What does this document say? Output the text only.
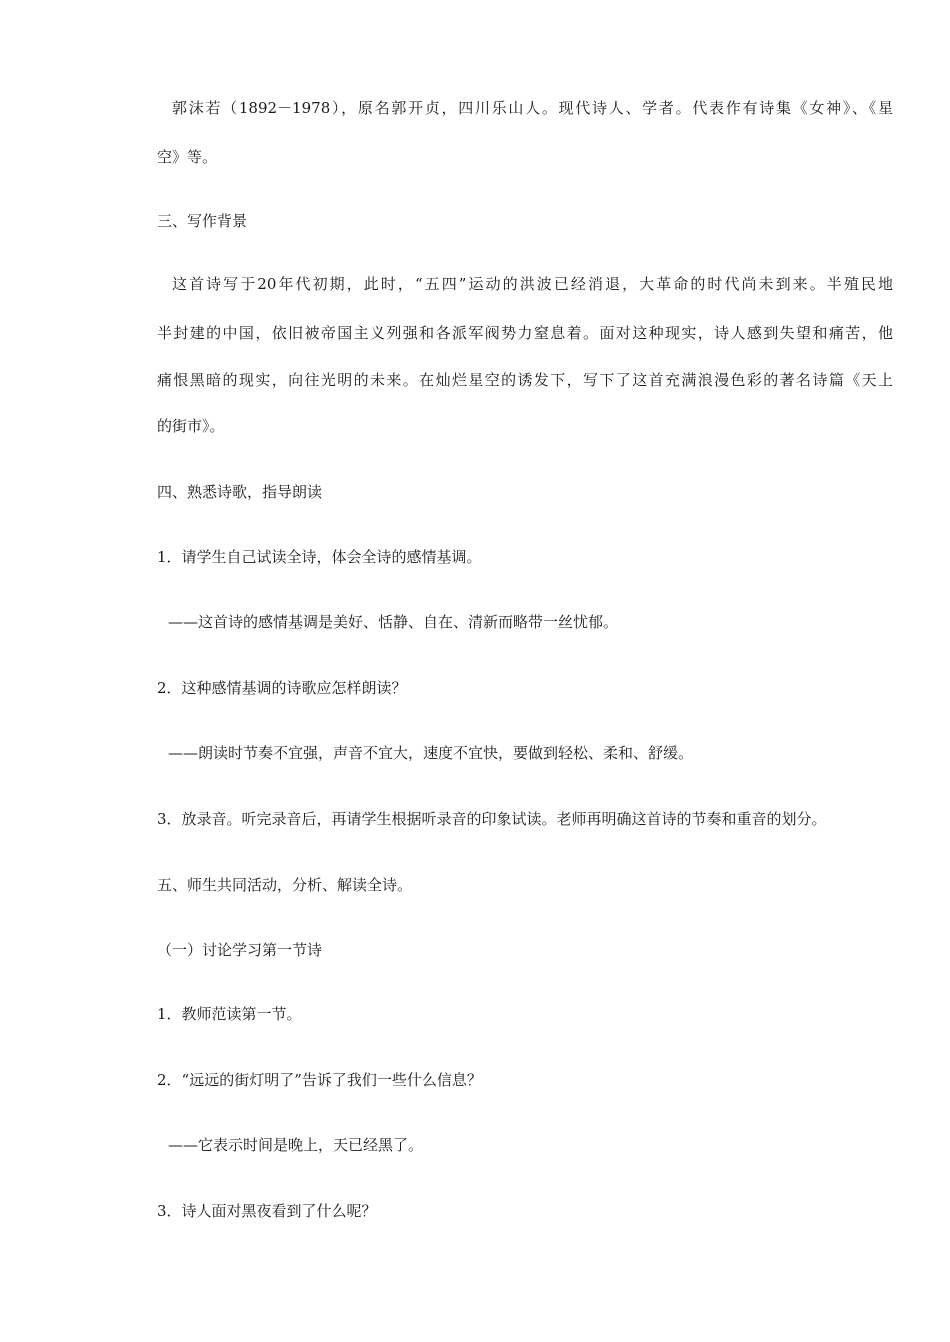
郭沫若（1892－1978），原名郭开贞，四川乐山人。现代诗人、学者。代表作有诗集《女神》、《星
空》等。
三、写作背景
这首诗写于20年代初期，此时，“五四”运动的洪波已经消退，大革命的时代尚未到来。半殖民地
半封建的中国，依旧被帝国主义列强和各派军阀势力窒息着。面对这种现实，诗人感到失望和痛苦，他
痛恨黑暗的现实，向往光明的未来。在灿烂星空的诱发下，写下了这首充满浪漫色彩的著名诗篇《天上
的街市》。
四、熟悉诗歌，指导朗读
1．请学生自己试读全诗，体会全诗的感情基调。
——这首诗的感情基调是美好、恬静、自在、清新而略带一丝忧郁。
2．这种感情基调的诗歌应怎样朗读？
——朗读时节奏不宜强，声音不宜大，速度不宜快，要做到轻松、柔和、舒缓。
3．放录音。听完录音后，再请学生根据听录音的印象试读。老师再明确这首诗的节奏和重音的划分。
五、师生共同活动，分析、解读全诗。
（一）讨论学习第一节诗
1．教师范读第一节。
2．“远远的街灯明了”告诉了我们一些什么信息？
——它表示时间是晚上，天已经黑了。
3．诗人面对黑夜看到了什么呢？
